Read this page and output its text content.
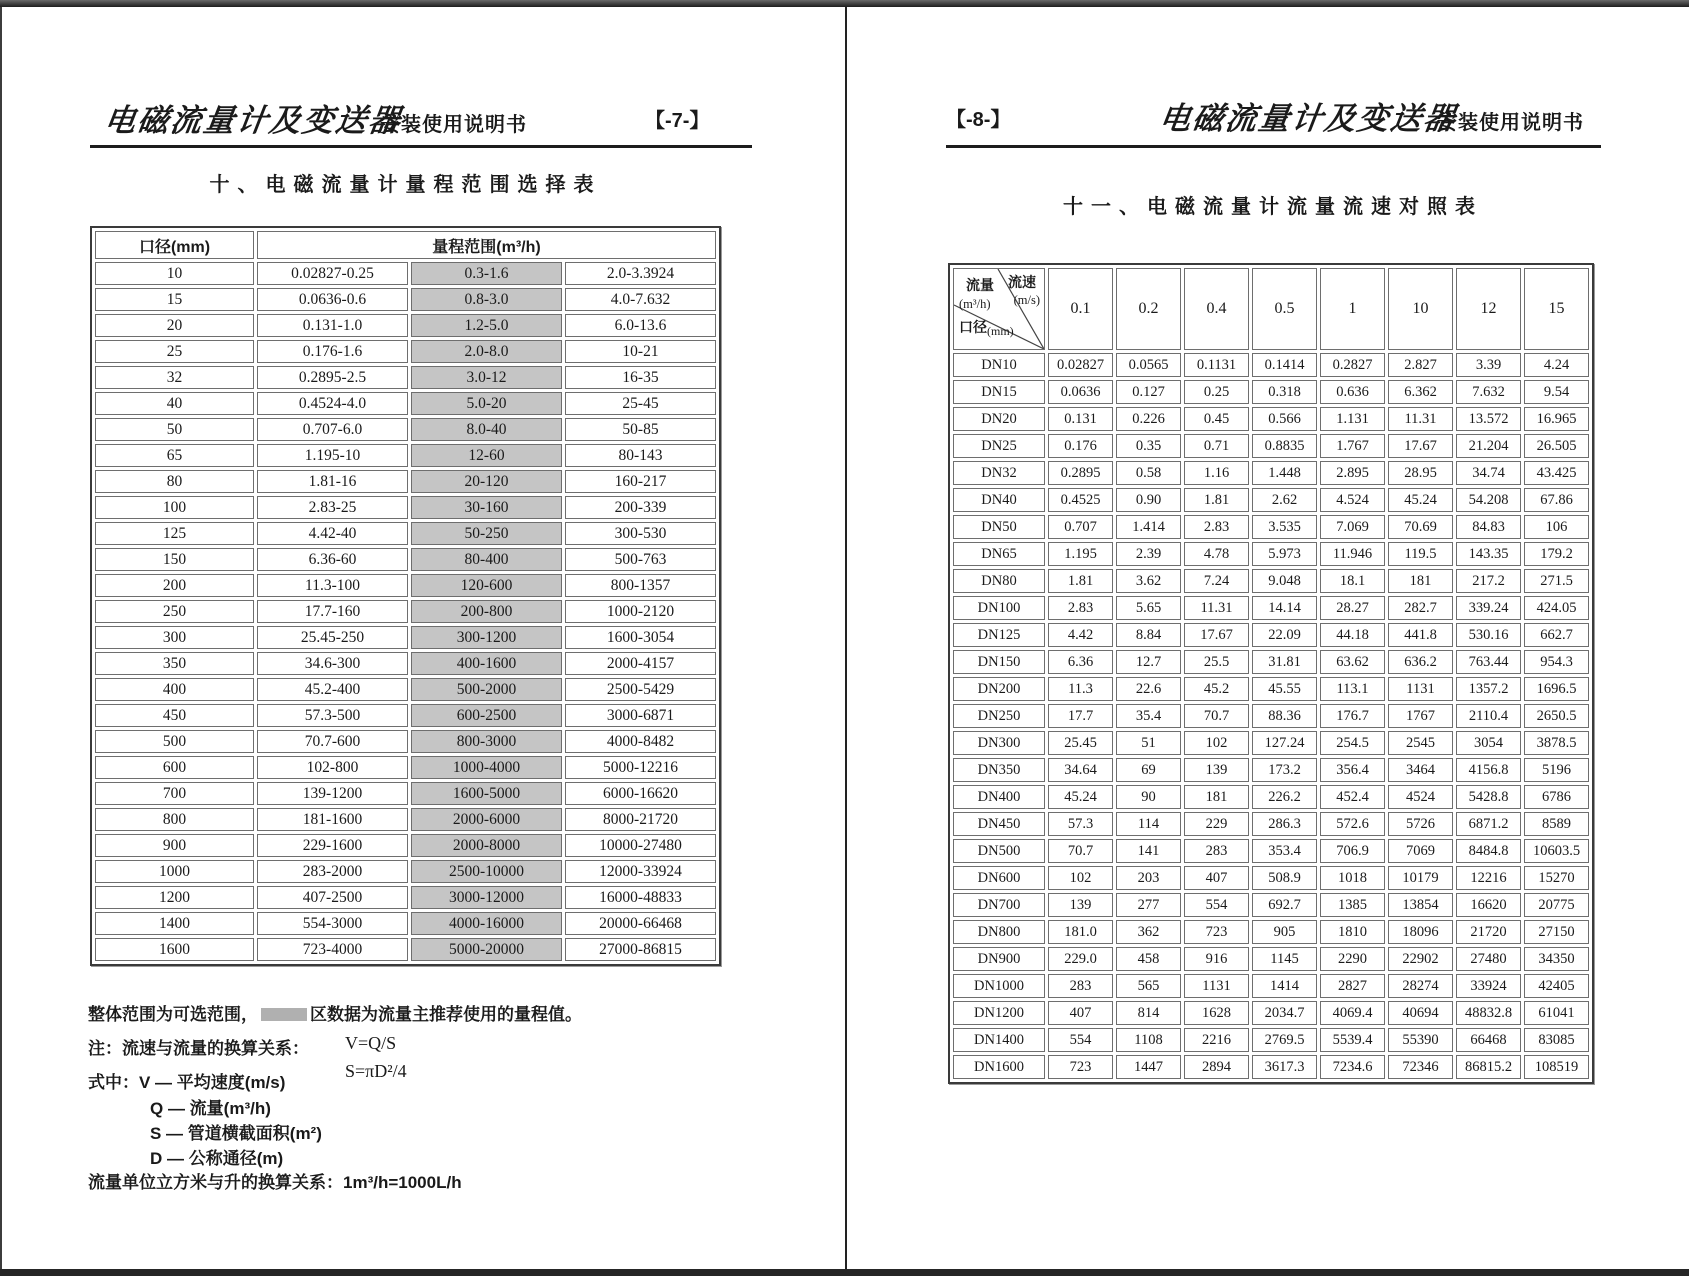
电磁流量计及变送器
安装使用说明书	【-7-】
十、电磁流量计量程范围选择表
口径(mm)	量程范围(m³/h)		
10	0.02827-0.25	0.3-1.6	2.0-3.3924
15	0.0636-0.6	0.8-3.0	4.0-7.632
20	0.131-1.0	1.2-5.0	6.0-13.6
25	0.176-1.6	2.0-8.0	10-21
32	0.2895-2.5	3.0-12	16-35
40	0.4524-4.0	5.0-20	25-45
50	0.707-6.0	8.0-40	50-85
65	1.195-10	12-60	80-143
80	1.81-16	20-120	160-217
100	2.83-25	30-160	200-339
125	4.42-40	50-250	300-530
150	6.36-60	80-400	500-763
200	11.3-100	120-600	800-1357
250	17.7-160	200-800	1000-2120
300	25.45-250	300-1200	1600-3054
350	34.6-300	400-1600	2000-4157
400	45.2-400	500-2000	2500-5429
450	57.3-500	600-2500	3000-6871
500	70.7-600	800-3000	4000-8482
600	102-800	1000-4000	5000-12216
700	139-1200	1600-5000	6000-16620
800	181-1600	2000-6000	8000-21720
900	229-1600	2000-8000	10000-27480
1000	283-2000	2500-10000	12000-33924
1200	407-2500	3000-12000	16000-48833
1400	554-3000	4000-16000	20000-66468
1600	723-4000	5000-20000	27000-86815
整体范围为可选范围，	区数据为流量主推荐使用的量程值。
注：流速与流量的换算关系： V=Q/S
S=πD²/4
式中：V — 平均速度(m/s)
Q — 流量(m³/h)
S — 管道横截面积(m²)
D — 公称通径(m)
流量单位立方米与升的换算关系：1m³/h=1000L/h
【-8-】	电磁流量计及变送器
安装使用说明书
十一、电磁流量计流量流速对照表
流量
(m³/h)
流速
(m/s)
口径(mm)	0.1	0.2	0.4	0.5	1	10	12	15
DN10	0.02827	0.0565	0.1131	0.1414	0.2827	2.827	3.39	4.24
DN15	0.0636	0.127	0.25	0.318	0.636	6.362	7.632	9.54
DN20	0.131	0.226	0.45	0.566	1.131	11.31	13.572	16.965
DN25	0.176	0.35	0.71	0.8835	1.767	17.67	21.204	26.505
DN32	0.2895	0.58	1.16	1.448	2.895	28.95	34.74	43.425
DN40	0.4525	0.90	1.81	2.62	4.524	45.24	54.208	67.86
DN50	0.707	1.414	2.83	3.535	7.069	70.69	84.83	106
DN65	1.195	2.39	4.78	5.973	11.946	119.5	143.35	179.2
DN80	1.81	3.62	7.24	9.048	18.1	181	217.2	271.5
DN100	2.83	5.65	11.31	14.14	28.27	282.7	339.24	424.05
DN125	4.42	8.84	17.67	22.09	44.18	441.8	530.16	662.7
DN150	6.36	12.7	25.5	31.81	63.62	636.2	763.44	954.3
DN200	11.3	22.6	45.2	45.55	113.1	1131	1357.2	1696.5
DN250	17.7	35.4	70.7	88.36	176.7	1767	2110.4	2650.5
DN300	25.45	51	102	127.24	254.5	2545	3054	3878.5
DN350	34.64	69	139	173.2	356.4	3464	4156.8	5196
DN400	45.24	90	181	226.2	452.4	4524	5428.8	6786
DN450	57.3	114	229	286.3	572.6	5726	6871.2	8589
DN500	70.7	141	283	353.4	706.9	7069	8484.8	10603.5
DN600	102	203	407	508.9	1018	10179	12216	15270
DN700	139	277	554	692.7	1385	13854	16620	20775
DN800	181.0	362	723	905	1810	18096	21720	27150
DN900	229.0	458	916	1145	2290	22902	27480	34350
DN1000	283	565	1131	1414	2827	28274	33924	42405
DN1200	407	814	1628	2034.7	4069.4	40694	48832.8	61041
DN1400	554	1108	2216	2769.5	5539.4	55390	66468	83085
DN1600	723	1447	2894	3617.3	7234.6	72346	86815.2	108519
